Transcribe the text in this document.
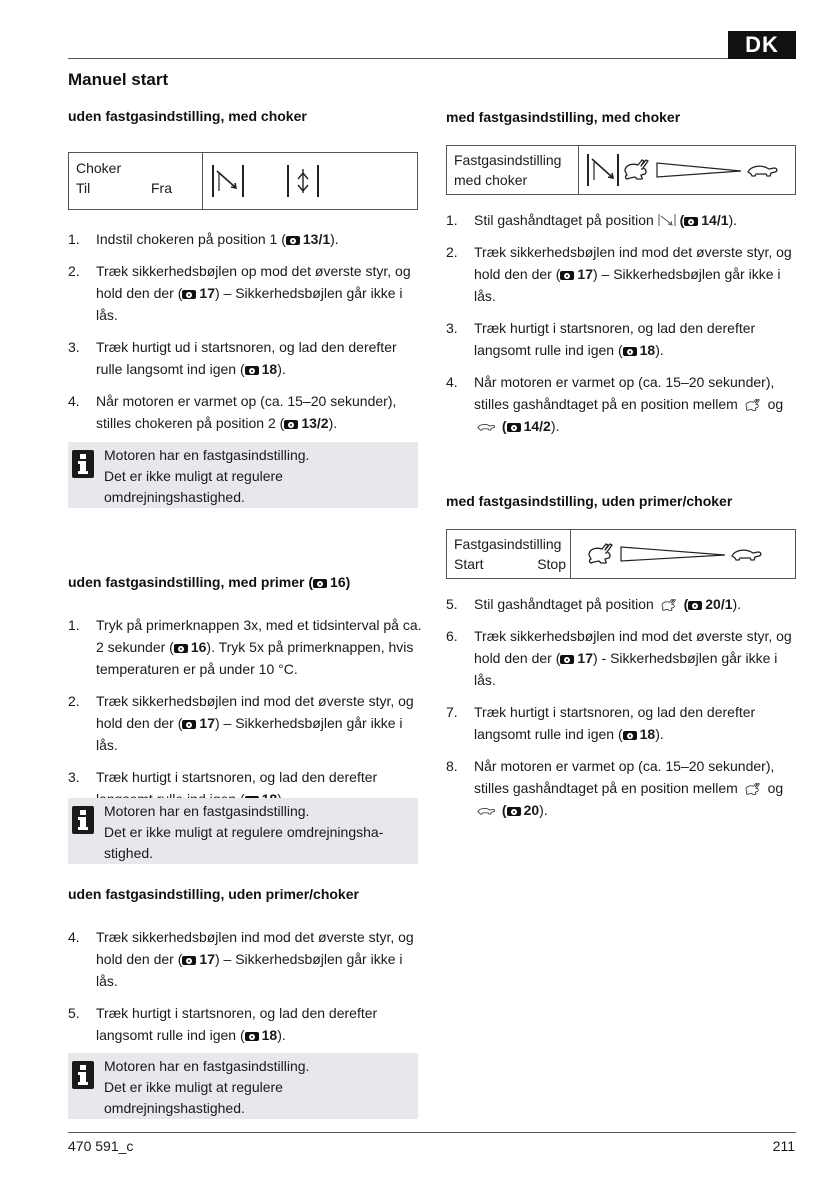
DK
Manuel start
uden fastgasindstilling, med choker
Choker
Til	Fra
1. Indstil chokeren på position 1 ( 13/1).
2. Træk sikkerhedsbøjlen op mod det øverste styr, og hold den der ( 17) – Sikkerhedsbøjlen går ikke i lås.
3. Træk hurtigt ud i startsnoren, og lad den derefter rulle langsomt ind igen ( 18).
4. Når motoren er varmet op (ca. 15–20 sekunder), stilles chokeren på position 2 ( 13/2).
Motoren har en fastgasindstilling.
Det er ikke muligt at regulere
omdrejningshastighed.
uden fastgasindstilling, med primer ( 16)
1. Tryk på primerknappen 3x, med et tidsinterval på ca. 2 sekunder ( 16). Tryk 5x på primerknappen, hvis temperaturen er på under 10 °C.
2. Træk sikkerhedsbøjlen ind mod det øverste styr, og hold den der ( 17) – Sikkerhedsbøjlen går ikke i lås.
3. Træk hurtigt i startsnoren, og lad den derefter
Motoren har en fastgasindstilling.
Det er ikke muligt at regulere omdrejningsha-
stighed.
uden fastgasindstilling, uden primer/choker
4. Træk sikkerhedsbøjlen ind mod det øverste styr, og hold den der ( 17) – Sikkerhedsbøjlen går ikke i lås.
5. Træk hurtigt i startsnoren, og lad den derefter langsomt rulle ind igen ( 18).
Motoren har en fastgasindstilling.
Det er ikke muligt at regulere
omdrejningshastighed.
med fastgasindstilling, med choker
Fastgasindstilling
med choker
1. Stil gashåndtaget på position ( 14/1).
2. Træk sikkerhedsbøjlen ind mod det øverste styr, og hold den der ( 17) – Sikkerhedsbøjlen går ikke i lås.
3. Træk hurtigt i startsnoren, og lad den derefter langsomt rulle ind igen ( 18).
4. Når motoren er varmet op (ca. 15–20 sekunder), stilles gashåndtaget på en position mellem og  ( 14/2).
med fastgasindstilling, uden primer/choker
Fastgasindstilling
Start	Stop
5. Stil gashåndtaget på position ( 20/1).
6. Træk sikkerhedsbøjlen ind mod det øverste styr, og hold den der ( 17) - Sikkerhedsbøjlen går ikke i lås.
7. Træk hurtigt i startsnoren, og lad den derefter langsomt rulle ind igen ( 18).
8. Når motoren er varmet op (ca. 15–20 sekunder), stilles gashåndtaget på en position mellem og  ( 20).
470 591_c	211
